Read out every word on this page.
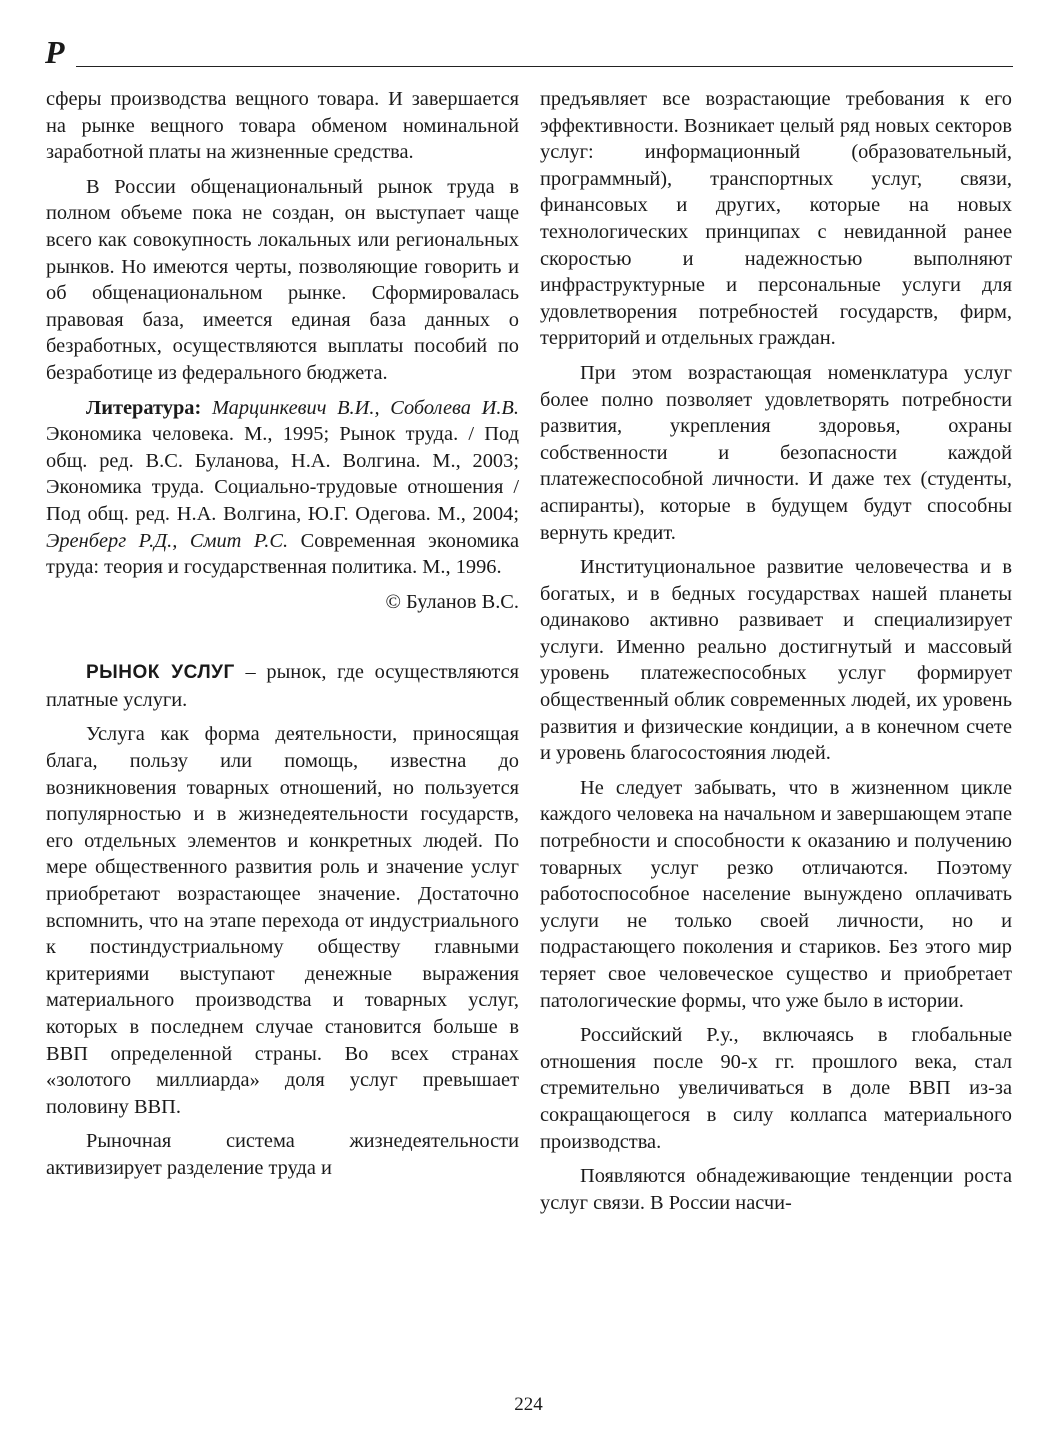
Р

сферы производства вещного товара. И завершается на рынке вещного товара обменом номинальной заработной платы на жизненные средства.

В России общенациональный рынок труда в полном объеме пока не создан, он выступает чаще всего как совокупность локальных или региональных рынков. Но имеются черты, позволяющие говорить и об общенациональном рынке. Сформировалась правовая база, имеется единая база данных о безработных, осуществляются выплаты пособий по безработице из федерального бюджета.

Литература: Марцинкевич В.И., Соболева И.В. Экономика человека. М., 1995; Рынок труда. / Под общ. ред. В.С. Буланова, Н.А. Волгина. М., 2003; Экономика труда. Социально-трудовые отношения / Под общ. ред. Н.А. Волгина, Ю.Г. Одегова. М., 2004; Эренберг Р.Д., Смит Р.С. Современная экономика труда: теория и государственная политика. М., 1996.

© Буланов В.С.

РЫНОК УСЛУГ – рынок, где осуществляются платные услуги.

Услуга как форма деятельности, приносящая блага, пользу или помощь, известна до возникновения товарных отношений, но пользуется популярностью и в жизнедеятельности государств, его отдельных элементов и конкретных людей. По мере общественного развития роль и значение услуг приобретают возрастающее значение. Достаточно вспомнить, что на этапе перехода от индустриального к постиндустриальному обществу главными критериями выступают денежные выражения материального производства и товарных услуг, которых в последнем случае становится больше в ВВП определенной страны. Во всех странах «золотого миллиарда» доля услуг превышает половину ВВП.

Рыночная система жизнедеятельности активизирует разделение труда и

предъявляет все возрастающие требования к его эффективности. Возникает целый ряд новых секторов услуг: информационный (образовательный, программный), транспортных услуг, связи, финансовых и других, которые на новых технологических принципах с невиданной ранее скоростью и надежностью выполняют инфраструктурные и персональные услуги для удовлетворения потребностей государств, фирм, территорий и отдельных граждан.

При этом возрастающая номенклатура услуг более полно позволяет удовлетворять потребности развития, укрепления здоровья, охраны собственности и безопасности каждой платежеспособной личности. И даже тех (студенты, аспиранты), которые в будущем будут способны вернуть кредит.

Институциональное развитие человечества и в богатых, и в бедных государствах нашей планеты одинаково активно развивает и специализирует услуги. Именно реально достигнутый и массовый уровень платежеспособных услуг формирует общественный облик современных людей, их уровень развития и физические кондиции, а в конечном счете и уровень благосостояния людей.

Не следует забывать, что в жизненном цикле каждого человека на начальном и завершающем этапе потребности и способности к оказанию и получению товарных услуг резко отличаются. Поэтому работоспособное население вынуждено оплачивать услуги не только своей личности, но и подрастающего поколения и стариков. Без этого мир теряет свое человеческое существо и приобретает патологические формы, что уже было в истории.

Российский Р.у., включаясь в глобальные отношения после 90-х гг. прошлого века, стал стремительно увеличиваться в доле ВВП из-за сокращающегося в силу коллапса материального производства.

Появляются обнадеживающие тенденции роста услуг связи. В России насчи-

224
